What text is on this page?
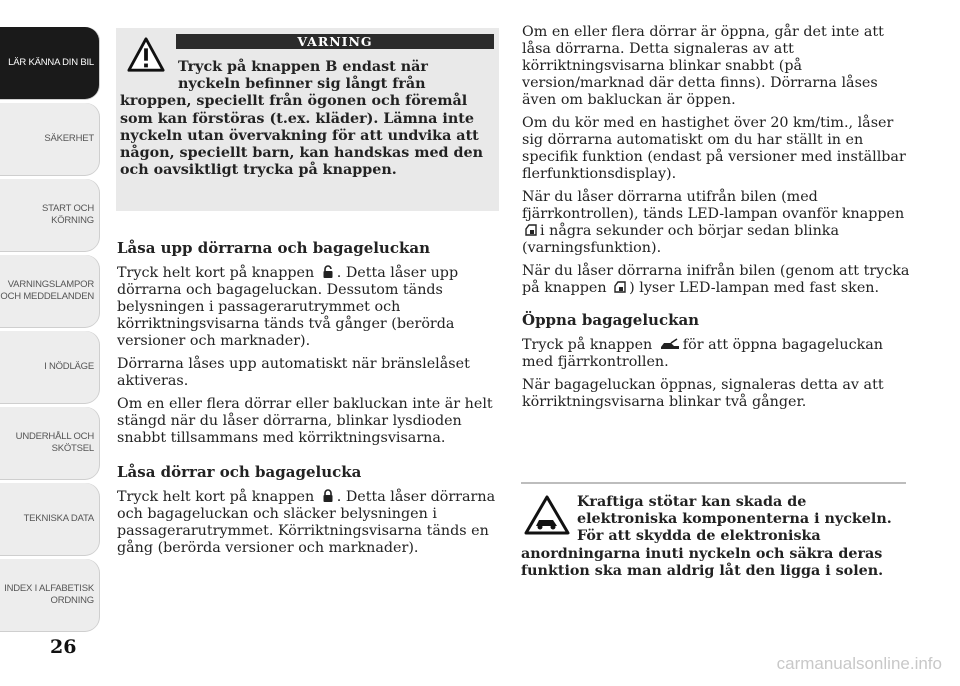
LÄR KÄNNA DIN BIL
SÄKERHET
START OCH KÖRNING
VARNINGSLAMPOR OCH MEDDELANDEN
I NÖDLÄGE
UNDERHÅLL OCH SKÖTSEL
TEKNISKA DATA
INDEX I ALFABETISK ORDNING
26
VARNING
Tryck på knappen B endast när nyckeln befinner sig långt från
kroppen, speciellt från ögonen och föremål som kan förstöras (t.ex. kläder). Lämna inte nyckeln utan övervakning för att undvika att någon, speciellt barn, kan handskas med den och oavsiktligt trycka på knappen.
Låsa upp dörrarna och bagageluckan

Tryck helt kort på knappen . Detta låser upp dörrarna och bagageluckan. Dessutom tänds belysningen i passagerarutrymmet och körriktningsvisarna tänds två gånger (berörda versioner och marknader).

Dörrarna låses upp automatiskt när bränslelåset aktiveras.

Om en eller flera dörrar eller bakluckan inte är helt stängd när du låser dörrarna, blinkar lysdioden snabbt tillsammans med körriktningsvisarna.

Låsa dörrar och bagagelucka

Tryck helt kort på knappen . Detta låser dörrarna och bagageluckan och släcker belysningen i passagerarutrymmet. Körriktningsvisarna tänds en gång (berörda versioner och marknader).

Om en eller flera dörrar är öppna, går det inte att låsa dörrarna. Detta signaleras av att körriktningsvisarna blinkar snabbt (på version/marknad där detta finns). Dörrarna låses även om bakluckan är öppen.

Om du kör med en hastighet över 20 km/tim., låser sig dörrarna automatiskt om du har ställt in en specifik funktion (endast på versioner med inställbar flerfunktionsdisplay).

När du låser dörrarna utifrån bilen (med fjärrkontrollen), tänds LED-lampan ovanför knappen i några sekunder och börjar sedan blinka (varningsfunktion).

När du låser dörrarna inifrån bilen (genom att trycka på knappen ) lyser LED-lampan med fast sken.

Öppna bagageluckan

Tryck på knappen för att öppna bagageluckan med fjärrkontrollen.

När bagageluckan öppnas, signaleras detta av att körriktningsvisarna blinkar två gånger.

Kraftiga stötar kan skada de elektroniska komponenterna i nyckeln. För att skydda de elektroniska
anordningarna inuti nyckeln och säkra deras funktion ska man aldrig låt den ligga i solen.
carmanualsonline.info
